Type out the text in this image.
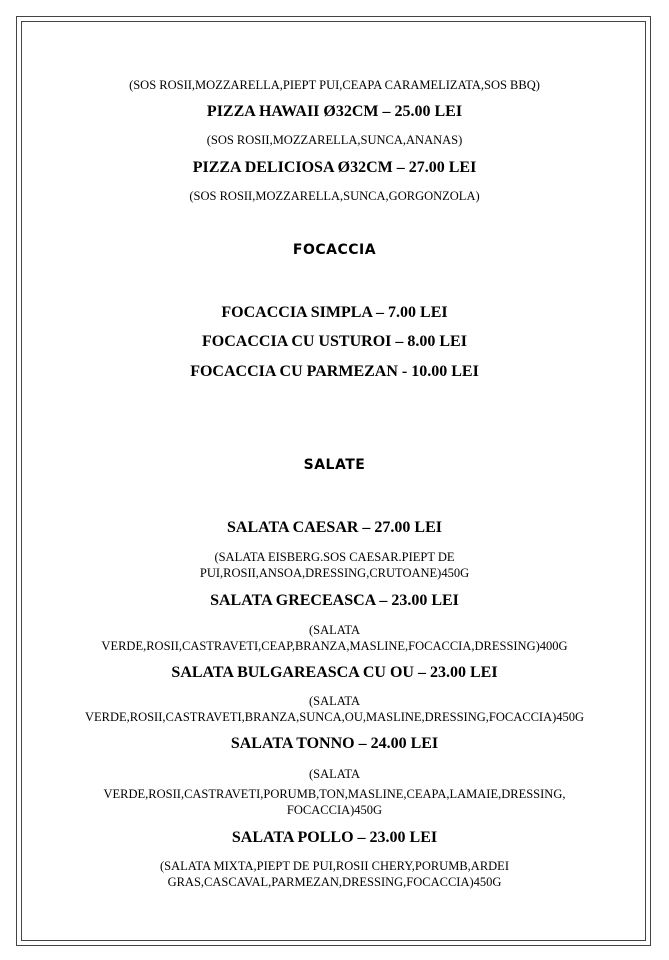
(SOS ROSII,MOZZARELLA,PIEPT PUI,CEAPA CARAMELIZATA,SOS BBQ)
PIZZA HAWAII Ø32CM – 25.00 LEI
(SOS ROSII,MOZZARELLA,SUNCA,ANANAS)
PIZZA DELICIOSA Ø32CM – 27.00 LEI
(SOS ROSII,MOZZARELLA,SUNCA,GORGONZOLA)
FOCACCIA
FOCACCIA SIMPLA – 7.00 LEI
FOCACCIA CU USTUROI – 8.00 LEI
FOCACCIA CU PARMEZAN - 10.00 LEI
SALATE
SALATA CAESAR – 27.00 LEI
(SALATA EISBERG.SOS CAESAR.PIEPT DE
PUI,ROSII,ANSOA,DRESSING,CRUTOANE)450G
SALATA GRECEASCA – 23.00 LEI
(SALATA
VERDE,ROSII,CASTRAVETI,CEAP,BRANZA,MASLINE,FOCACCIA,DRESSING)400G
SALATA BULGAREASCA CU OU – 23.00 LEI
(SALATA
VERDE,ROSII,CASTRAVETI,BRANZA,SUNCA,OU,MASLINE,DRESSING,FOCACCIA)450G
SALATA TONNO – 24.00 LEI
(SALATA
VERDE,ROSII,CASTRAVETI,PORUMB,TON,MASLINE,CEAPA,LAMAIE,DRESSING,
FOCACCIA)450G
SALATA POLLO – 23.00 LEI
(SALATA MIXTA,PIEPT DE PUI,ROSII CHERY,PORUMB,ARDEI
GRAS,CASCAVAL,PARMEZAN,DRESSING,FOCACCIA)450G
